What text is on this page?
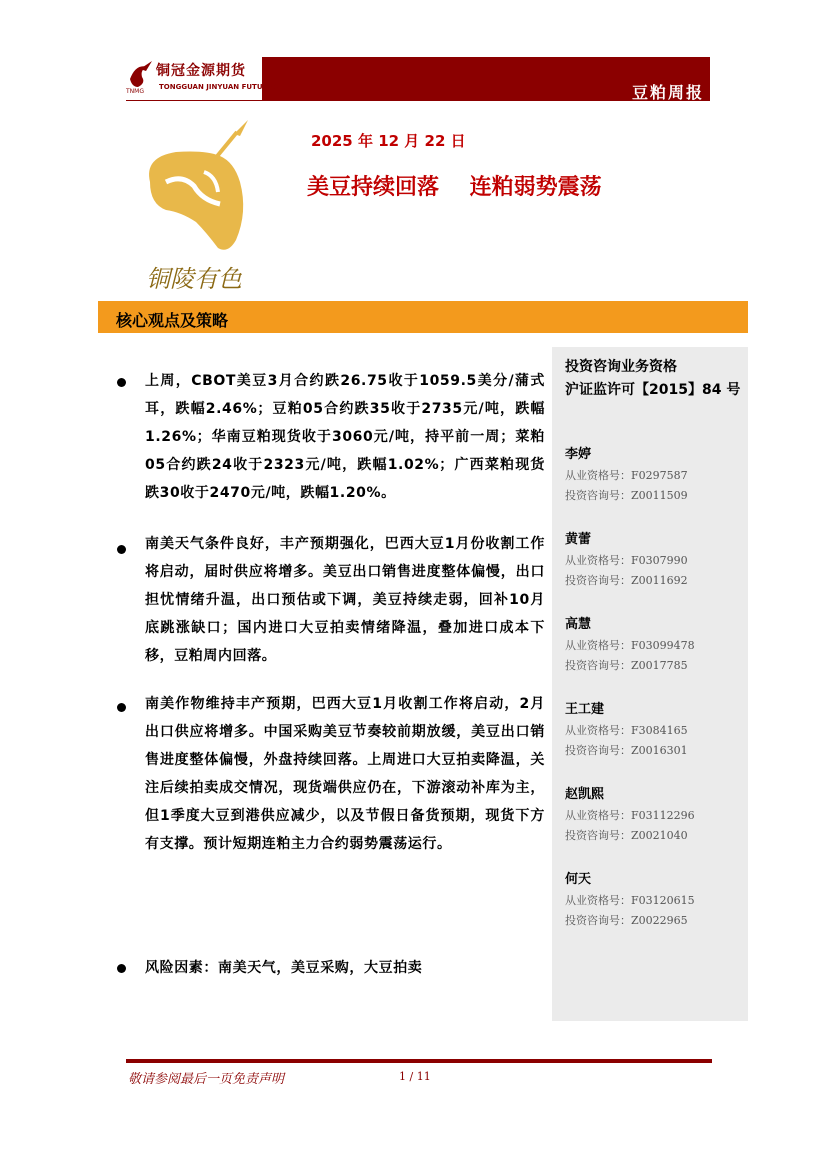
铜冠金源期货
TONGGUAN JINYUAN FUTURES
TNMG	豆粕周报
铜陵有色
2025 年 12 月 22 日
美豆持续回落    连粕弱势震荡
核心观点及策略
上周，CBOT美豆3月合约跌26.75收于1059.5美分/蒲式耳，跌幅2.46%；豆粕05合约跌35收于2735元/吨，跌幅1.26%；华南豆粕现货收于3060元/吨，持平前一周；菜粕05合约跌24收于2323元/吨，跌幅1.02%；广西菜粕现货跌30收于2470元/吨，跌幅1.20%。
南美天气条件良好，丰产预期强化，巴西大豆1月份收割工作将启动，届时供应将增多。美豆出口销售进度整体偏慢，出口担忧情绪升温，出口预估或下调，美豆持续走弱，回补10月底跳涨缺口；国内进口大豆拍卖情绪降温，叠加进口成本下移，豆粕周内回落。
南美作物维持丰产预期，巴西大豆1月收割工作将启动，2月出口供应将增多。中国采购美豆节奏较前期放缓，美豆出口销售进度整体偏慢，外盘持续回落。上周进口大豆拍卖降温，关注后续拍卖成交情况，现货端供应仍在，下游滚动补库为主，但1季度大豆到港供应减少，以及节假日备货预期，现货下方有支撑。预计短期连粕主力合约弱势震荡运行。
风险因素：南美天气，美豆采购，大豆拍卖
投资咨询业务资格
沪证监许可【2015】84 号
李婷
从业资格号：F0297587
投资咨询号：Z0011509
黄蕾
从业资格号：F0307990
投资咨询号：Z0011692
高慧
从业资格号：F03099478
投资咨询号：Z0017785
王工建
从业资格号：F3084165
投资咨询号：Z0016301
赵凯熙
从业资格号：F03112296
投资咨询号：Z0021040
何天
从业资格号：F03120615
投资咨询号：Z0022965
敬请参阅最后一页免责声明	1 / 11
